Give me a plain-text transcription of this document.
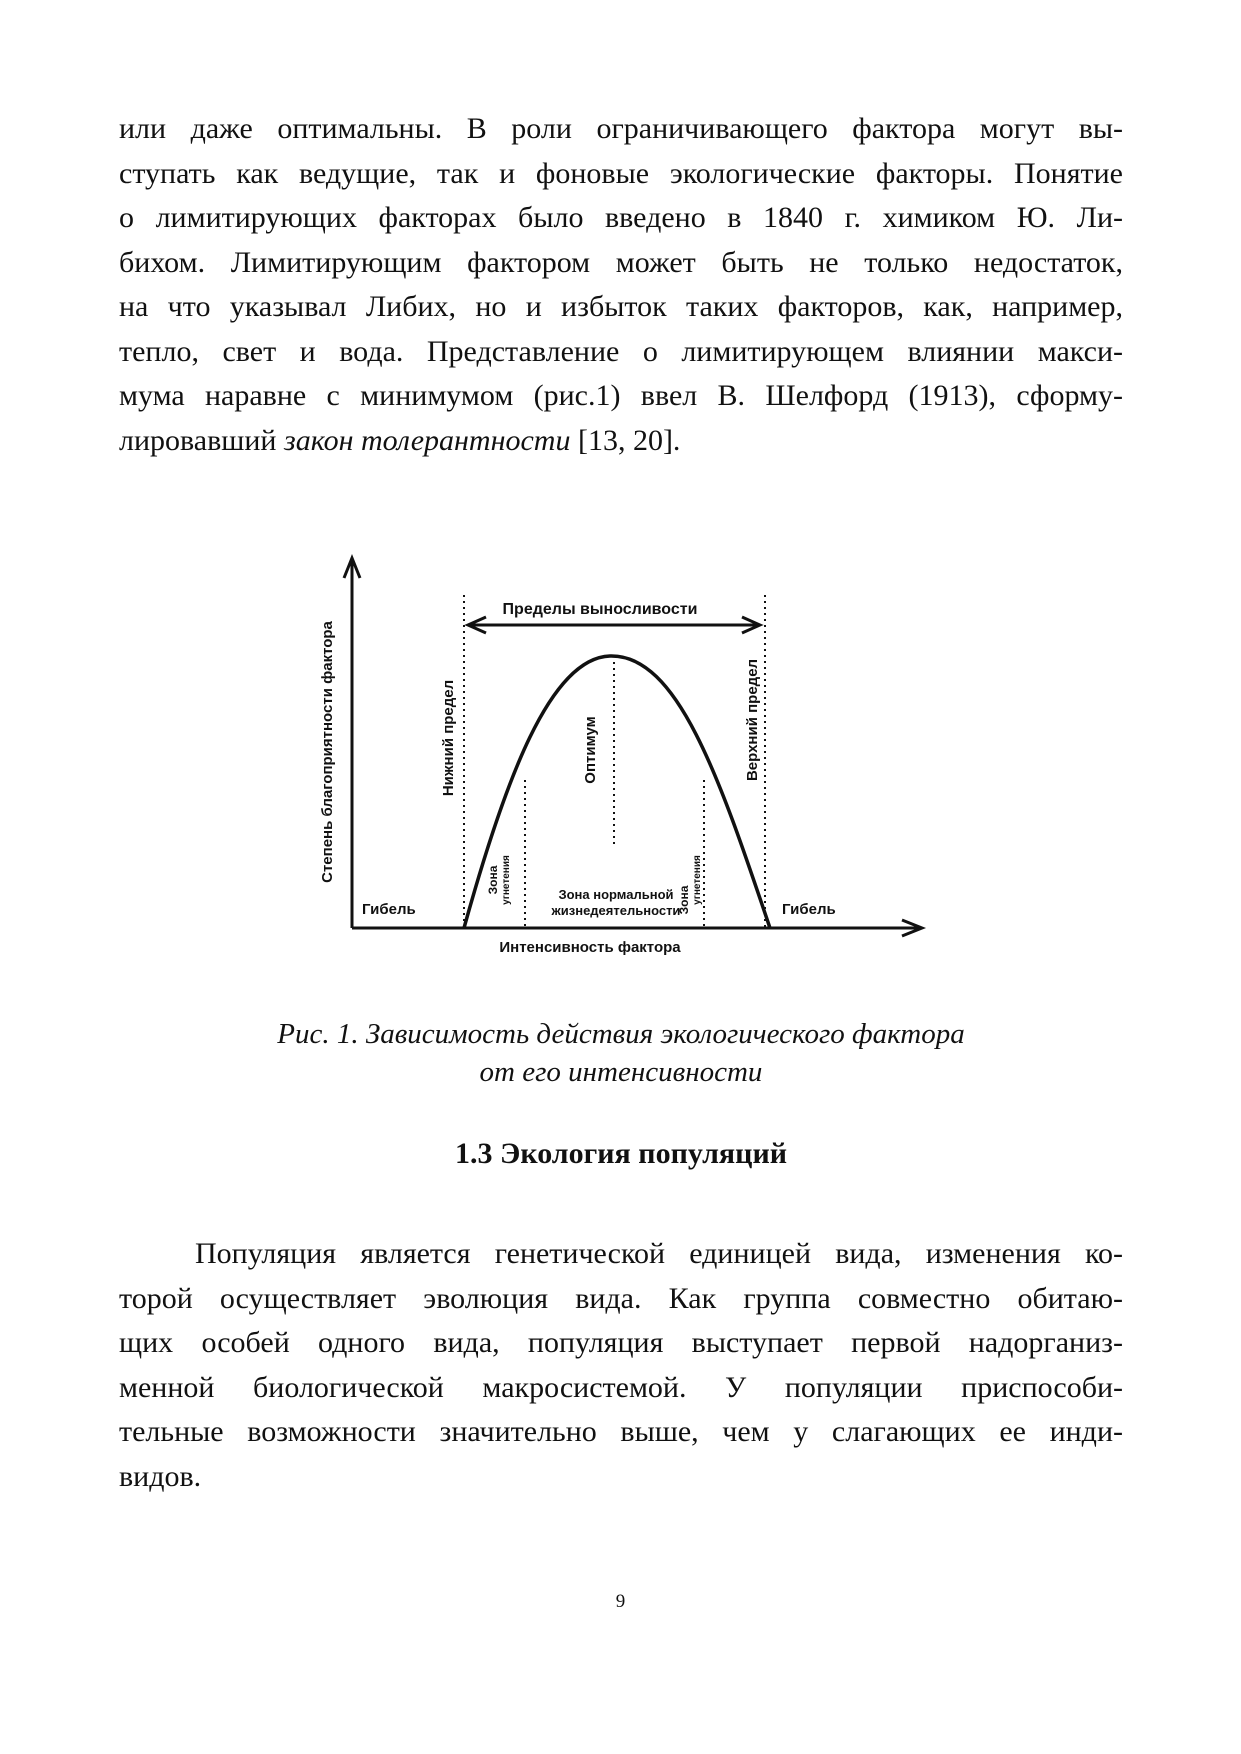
или даже оптимальны. В роли ограничивающего фактора могут вы-
ступать как ведущие, так и фоновые экологические факторы. Понятие
о лимитирующих факторах было введено в 1840 г. химиком Ю. Ли-
бихом. Лимитирующим фактором может быть не только недостаток,
на что указывал Либих, но и избыток таких факторов, как, например,
тепло, свет и вода. Представление о лимитирующем влиянии макси-
мума наравне с минимумом (рис.1) ввел В. Шелфорд (1913), сформу-
лировавший закон толерантности [13, 20].
Пределы выносливости
Степень благоприятности фактора
Интенсивность фактора
Нижний предел	Верхний предел
Оптимум
Гибель	Гибель
Зона угнетения	Зона угнетения
Зона нормальной
жизнедеятельности
Рис. 1. Зависимость действия экологического фактора
от его интенсивности
1.3 Экология популяций
Популяция является генетической единицей вида, изменения ко-
торой осуществляет эволюция вида. Как группа совместно обитаю-
щих особей одного вида, популяция выступает первой надорганиз-
менной биологической макросистемой. У популяции приспособи-
тельные возможности значительно выше, чем у слагающих ее инди-
видов.
9
